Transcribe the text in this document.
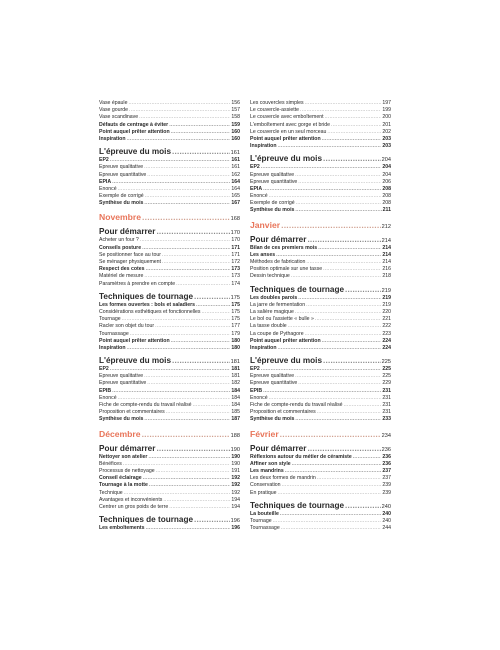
Vase épaule .....	156
Vase gourde .....	157
Vase scandinave .....	158
Défauts de centrage à éviter .....	159
Point auquel prêter attention .....	160
Inspiration .....	160
L'épreuve du mois .....	161
EP2 .....	161
Épreuve qualitative .....	161
Épreuve quantitative .....	162
EPIA .....	164
Énoncé .....	164
Exemple de corrigé .....	165
Synthèse du mois .....	167
Novembre .....	168
Pour démarrer .....	170
Acheter un four ? .....	170
Conseils posture .....	171
Se positionner face au tour .....	171
Se ménager physiquement .....	172
Respect des cotes .....	173
Matériel de mesure .....	173
Paramètres à prendre en compte .....	174
Techniques de tournage .....	175
Les formes ouvertes : bols et saladiers .....	175
Considérations esthétiques et fonctionnelles .....	175
Tournage .....	175
Racler son objet du tour .....	177
Tournassage .....	179
Point auquel prêter attention .....	180
Inspiration .....	180
L'épreuve du mois .....	181
EP2 .....	181
Épreuve qualitative .....	181
Épreuve quantitative .....	182
EPIB .....	184
Énoncé .....	184
Fiche de compte-rendu du travail réalisé .....	184
Proposition et commentaires .....	185
Synthèse du mois .....	187
Décembre .....	188
Pour démarrer .....	190
Nettoyer son atelier .....	190
Bénéfices .....	190
Processus de nettoyage .....	191
Conseil éclairage .....	192
Tournage à la motte .....	192
Technique .....	192
Avantages et inconvénients .....	194
Centrer un gros poids de terre .....	194
Techniques de tournage .....	196
Les emboîtements .....	196
Les couvercles simples .....	197
Le couvercle-assiette .....	199
Le couvercle avec emboîtement .....	200
L'emboîtement avec gorge et bride .....	201
Le couvercle en un seul morceau .....	202
Point auquel prêter attention .....	203
Inspiration .....	203
L'épreuve du mois .....	204
EP2 .....	204
Épreuve qualitative .....	204
Épreuve quantitative .....	206
EPIA .....	208
Énoncé .....	208
Exemple de corrigé .....	208
Synthèse du mois .....	211
Janvier .....	212
Pour démarrer .....	214
Bilan de ces premiers mois .....	214
Les anses .....	214
Méthodes de fabrication .....	214
Position optimale sur une tasse .....	216
Dessin technique .....	218
Techniques de tournage .....	219
Les doubles parois .....	219
La jarre de fermentation .....	219
La salière magique .....	220
Le bol ou l'assiette « bulle » .....	221
La tasse double .....	222
La coupe de Pythagore .....	223
Point auquel prêter attention .....	224
Inspiration .....	224
L'épreuve du mois .....	225
EP2 .....	225
Épreuve qualitative .....	225
Épreuve quantitative .....	229
EPIB .....	231
Énoncé .....	231
Fiche de compte-rendu du travail réalisé .....	231
Proposition et commentaires .....	231
Synthèse du mois .....	233
Février .....	234
Pour démarrer .....	236
Réflexions autour du métier de céramiste .....	236
Affiner son style .....	236
Les mandrins .....	237
Les deux formes de mandrin .....	237
Conservation .....	239
En pratique .....	239
Techniques de tournage .....	240
La bouteille .....	240
Tournage .....	240
Tournassage .....	244
